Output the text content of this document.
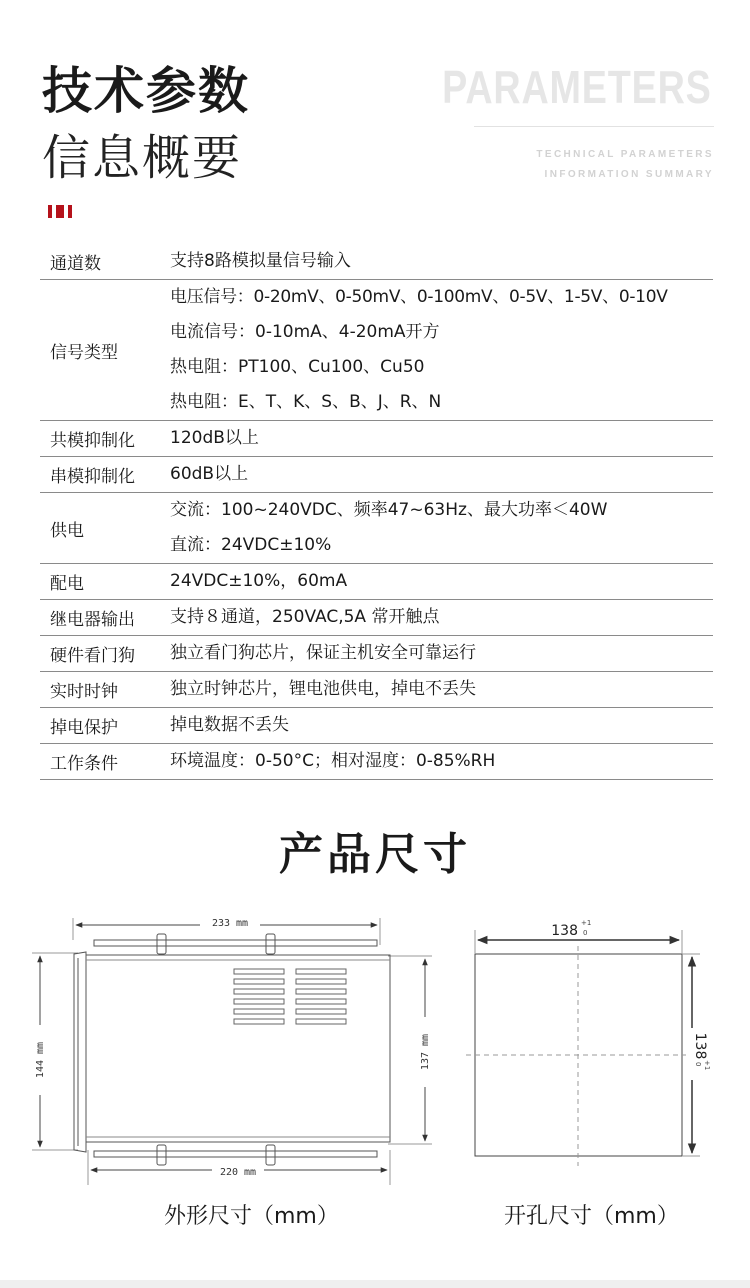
技术参数
信息概要
PARAMETERS
TECHNICAL PARAMETERS
INFORMATION SUMMARY
通道数	支持8路模拟量信号输入

信号类型	电压信号：0-20mV、0-50mV、0-100mV、0-5V、1-5V、0-10V
电流信号：0-10mA、4-20mA开方
热电阻：PT100、Cu100、Cu50
热电阻：E、T、K、S、B、J、R、N

共模抑制化	120dB以上

串模抑制化	60dB以上

供电	交流：100~240VDC、频率47~63Hz、最大功率＜40W
直流：24VDC±10%

配电	24VDC±10%，60mA

继电器输出	支持８通道，250VAC,5A 常开触点

硬件看门狗	独立看门狗芯片，保证主机安全可靠运行

实时时钟	独立时钟芯片，锂电池供电，掉电不丢失

掉电保护	掉电数据不丢失

工作条件	环境温度：0-50°C；相对湿度：0-85%RH
产品尺寸
233 mm
220 mm
144 mm	137 mm
138 +1
0
138
+1
0
外形尺寸（mm）	开孔尺寸（mm）
